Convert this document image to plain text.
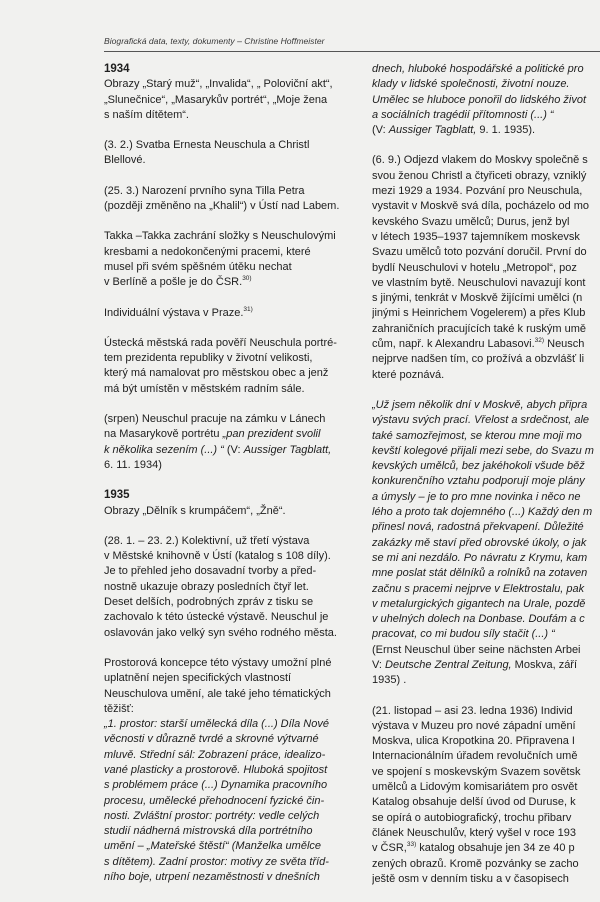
Biografická data, texty, dokumenty – Christine Hoffmeister
1934

Obrazy „Starý muž“, „Invalida“, „ Poloviční akt“,
„Slunečnice“, „Masarykův portrét“, „Moje žena
s naším dítětem“.

(3. 2.) Svatba Ernesta Neuschula a Christl
Blellové.

(25. 3.) Narození prvního syna Tilla Petra
(později změněno na „Khalil“) v Ústí nad Labem.

Takka –Takka zachrání složky s Neuschulovými
kresbami a nedokončenými pracemi, které
musel při svém spěšném útěku nechat
v Berlíně a pošle je do ČSR.$^{30)}$

Individuální výstava v Praze.$^{31)}$

Ústecká městská rada pověří Neuschula portré-
tem prezidenta republiky v životní velikosti,
který má namalovat pro městskou obec a jenž
má být umístěn v městském radním sále.

(srpen) Neuschul pracuje na zámku v Lánech
na Masarykově portrétu „pan prezident svolil
k několika sezením (...) “ (V: Aussiger Tagblatt,
6. 11. 1934)

1935

Obrazy „Dělník s krumpáčem“, „Žně“.

(28. 1. – 23. 2.) Kolektivní, už třetí výstava
v Městské knihovně v Ústí (katalog s 108 díly).
Je to přehled jeho dosavadní tvorby a před-
nostně ukazuje obrazy posledních čtyř let.
Deset delších, podrobných zpráv z tisku se
zachovalo k této ústecké výstavě. Neuschul je
oslavován jako velký syn svého rodného města.

Prostorová koncepce této výstavy umožní plné
uplatnění nejen specifických vlastností
Neuschulova umění, ale také jeho tématických
těžišť:
„1. prostor: starší umělecká díla (...) Díla Nové
věcnosti v důrazně tvrdé a skrovné výtvarné
mluvě. Střední sál: Zobrazení práce, idealizo-
vané plasticky a prostorově. Hluboká spojitost
s problémem práce (...) Dynamika pracovního
procesu, umělecké přehodnocení fyzické čin-
nosti. Zvláštní prostor: portréty: vedle celých
studií nádherná mistrovská díla portrétního
umění – „Mateřské štěstí“ (Manželka umělce
s dítětem). Zadní prostor: motivy ze světa tříd-
ního boje, utrpení nezaměstnosti v dnešních

dnech, hluboké hospodářské a politické pro
klady v lidské společnosti, životní nouze.
Umělec se hluboce ponořil do lidského život
a sociálních tragédií přítomnosti (...) “
(V: Aussiger Tagblatt, 9. 1. 1935).

(6. 9.) Odjezd vlakem do Moskvy společně s
svou ženou Christl a čtyřiceti obrazy, vzniklý
mezi 1929 a 1934. Pozvání pro Neuschula,
vystavit v Moskvě svá díla, pocházelo od mo
kevského Svazu umělců; Durus, jenž byl
v létech 1935–1937 tajemníkem moskevsk
Svazu umělců toto pozvání doručil. První do
bydlí Neuschulovi v hotelu „Metropol“, poz
ve vlastním bytě. Neuschulovi navazují kont
s jinými, tenkrát v Moskvě žijícími umělci (n
jinými s Heinrichem Vogelerem) a přes Klub
zahraničních pracujících také k ruským umě
cům, např. k Alexandru Labasovi.$^{32)}$ Neusch
nejprve nadšen tím, co prožívá a obzvlášť li
které poznává.

„Už jsem několik dní v Moskvě, abych připra
výstavu svých prací. Vřelost a srdečnost, ale
také samozřejmost, se kterou mne moji mo
kevští kolegové přijali mezi sebe, do Svazu m
kevských umělců, bez jakéhokoli všude běž
konkurenčního vztahu podporují moje plány
a úmysly – je to pro mne novinka i něco ne
lého a proto tak dojemného (...) Každý den m
přinesl nová, radostná překvapení. Důležité
zakázky mě staví před obrovské úkoly, o jak
se mi ani nezdálo. Po návratu z Krymu, kam
mne poslat stát dělníků a rolníků na zotaven
začnu s pracemi nejprve v Elektrostalu, pak
v metalurgických gigantech na Urale, pozdě
v uhelných dolech na Donbase. Doufám a c
pracovat, co mi budou síly stačit (...) “
(Ernst Neuschul über seine nächsten Arbei
V: Deutsche Zentral Zeitung, Moskva, září
1935) .

(21. listopad – asi 23. ledna 1936) Individ
výstava v Muzeu pro nové západní umění
Moskva, ulica Kropotkina 20. Připravena I
Internacionálním úřadem revolučních umě
ve spojení s moskevským Svazem sovětsk
umělců a Lidovým komisariátem pro osvět
Katalog obsahuje delší úvod od Duruse, k
se opírá o autobiografický, trochu přibarv
článek Neuschulův, který vyšel v roce 193
v ČSR,$^{33)}$ katalog obsahuje jen 34 ze 40 p
zených obrazů. Kromě pozvánky se zacho
ještě osm v denním tisku a v časopisech
